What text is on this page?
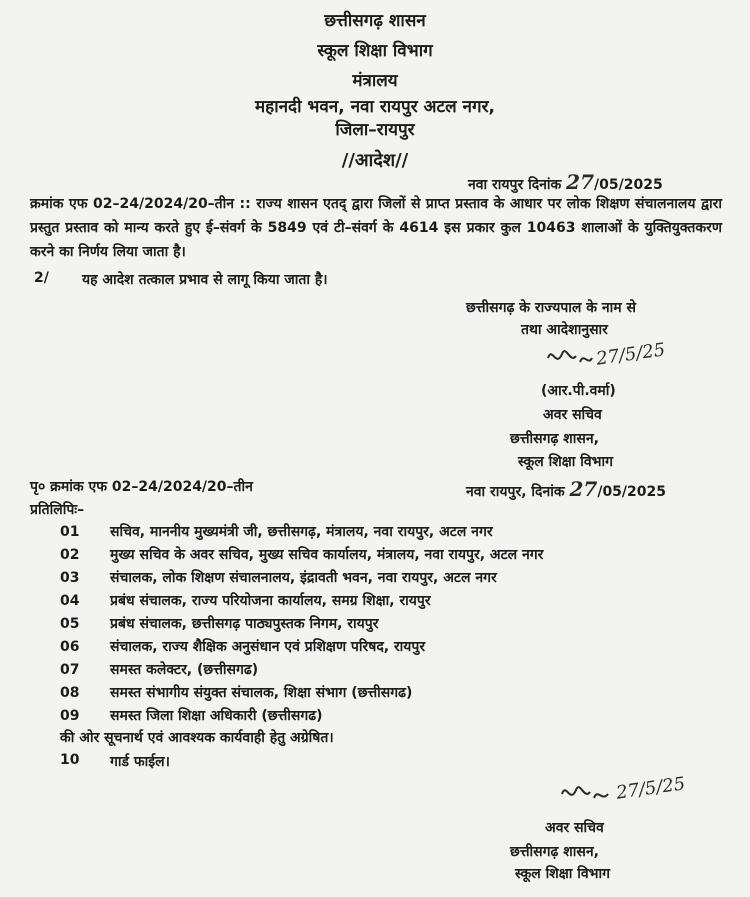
छत्तीसगढ़ शासन
स्कूल शिक्षा विभाग
मंत्रालय
महानदी भवन, नवा रायपुर अटल नगर,
जिला–रायपुर
//आदेश//
नवा रायपुर दिनांक 27/05/2025
क्रमांक एफ 02–24/2024/20–तीन :: राज्य शासन एतद् द्वारा जिलों से प्राप्त प्रस्ताव के आधार पर लोक शिक्षण संचालनालय द्वारा प्रस्तुत प्रस्ताव को मान्य करते हुए ई–संवर्ग के 5849 एवं टी–संवर्ग के 4614 इस प्रकार कुल 10463 शालाओं के युक्तियुक्तकरण करने का निर्णय लिया जाता है।
2/ यह आदेश तत्काल प्रभाव से लागू किया जाता है।
छत्तीसगढ़ के राज्यपाल के नाम से
तथा आदेशानुसार
27/5/25
(आर.पी.वर्मा)
अवर सचिव
छत्तीसगढ़ शासन,
स्कूल शिक्षा विभाग
पृ० क्रमांक एफ 02–24/2024/20–तीन	नवा रायपुर, दिनांक 27/05/2025
प्रतिलिपिः–
01 सचिव, माननीय मुख्यमंत्री जी, छत्तीसगढ़, मंत्रालय, नवा रायपुर, अटल नगर
02 मुख्य सचिव के अवर सचिव, मुख्य सचिव कार्यालय, मंत्रालय, नवा रायपुर, अटल नगर
03 संचालक, लोक शिक्षण संचालनालय, इंद्रावती भवन, नवा रायपुर, अटल नगर
04 प्रबंध संचालक, राज्य परियोजना कार्यालय, समग्र शिक्षा, रायपुर
05 प्रबंध संचालक, छत्तीसगढ़ पाठ्यपुस्तक निगम, रायपुर
06 संचालक, राज्य शैक्षिक अनुसंधान एवं प्रशिक्षण परिषद, रायपुर
07 समस्त कलेक्टर, (छत्तीसगढ)
08 समस्त संभागीय संयुक्त संचालक, शिक्षा संभाग (छत्तीसगढ)
09 समस्त जिला शिक्षा अधिकारी (छत्तीसगढ)
की ओर सूचनार्थ एवं आवश्यक कार्यवाही हेतु अग्रेषित।
10 गार्ड फाईल।
27/5/25
अवर सचिव
छत्तीसगढ़ शासन,
स्कूल शिक्षा विभाग
